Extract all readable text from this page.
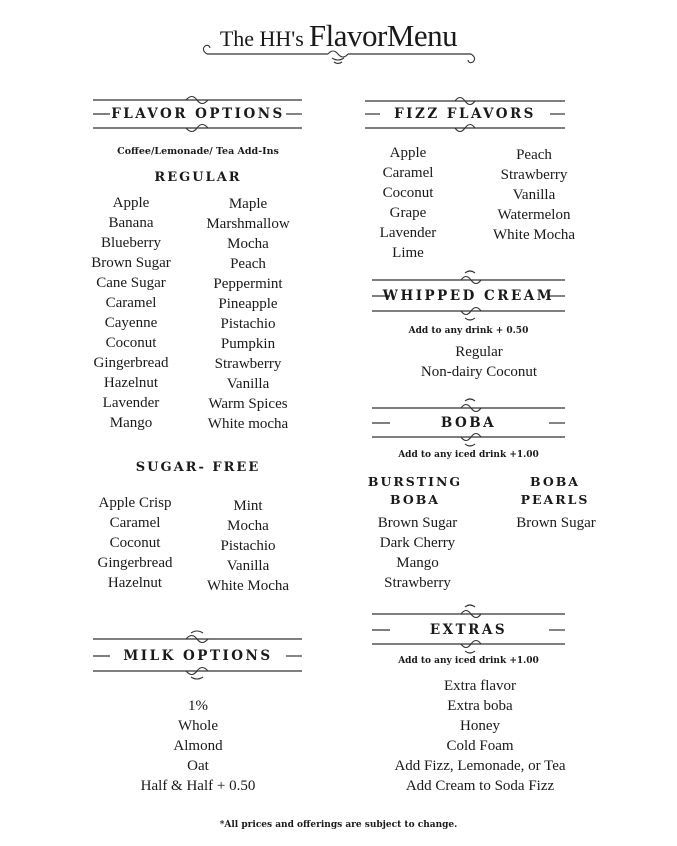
The HH's FlavorMenu
FLAVOR OPTIONS
Coffee/Lemonade/ Tea Add-Ins
REGULAR
Apple
Banana
Blueberry
Brown Sugar
Cane Sugar
Caramel
Cayenne
Coconut
Gingerbread
Hazelnut
Lavender
Mango
Maple
Marshmallow
Mocha
Peach
Peppermint
Pineapple
Pistachio
Pumpkin
Strawberry
Vanilla
Warm Spices
White mocha
SUGAR- FREE
Apple Crisp
Caramel
Coconut
Gingerbread
Hazelnut
Mint
Mocha
Pistachio
Vanilla
White Mocha
MILK OPTIONS
1%
Whole
Almond
Oat
Half & Half + 0.50
FIZZ FLAVORS
Apple
Caramel
Coconut
Grape
Lavender
Lime
Peach
Strawberry
Vanilla
Watermelon
White Mocha
WHIPPED CREAM
Add to any drink + 0.50
Regular
Non-dairy Coconut
BOBA
Add to any iced drink +1.00
BURSTING
BOBA
BOBA
PEARLS
Brown Sugar
Dark Cherry
Mango
Strawberry
Brown Sugar
EXTRAS
Add to any iced drink +1.00
Extra flavor
Extra boba
Honey
Cold Foam
Add Fizz, Lemonade, or Tea
Add Cream to Soda Fizz
*All prices and offerings are subject to change.
